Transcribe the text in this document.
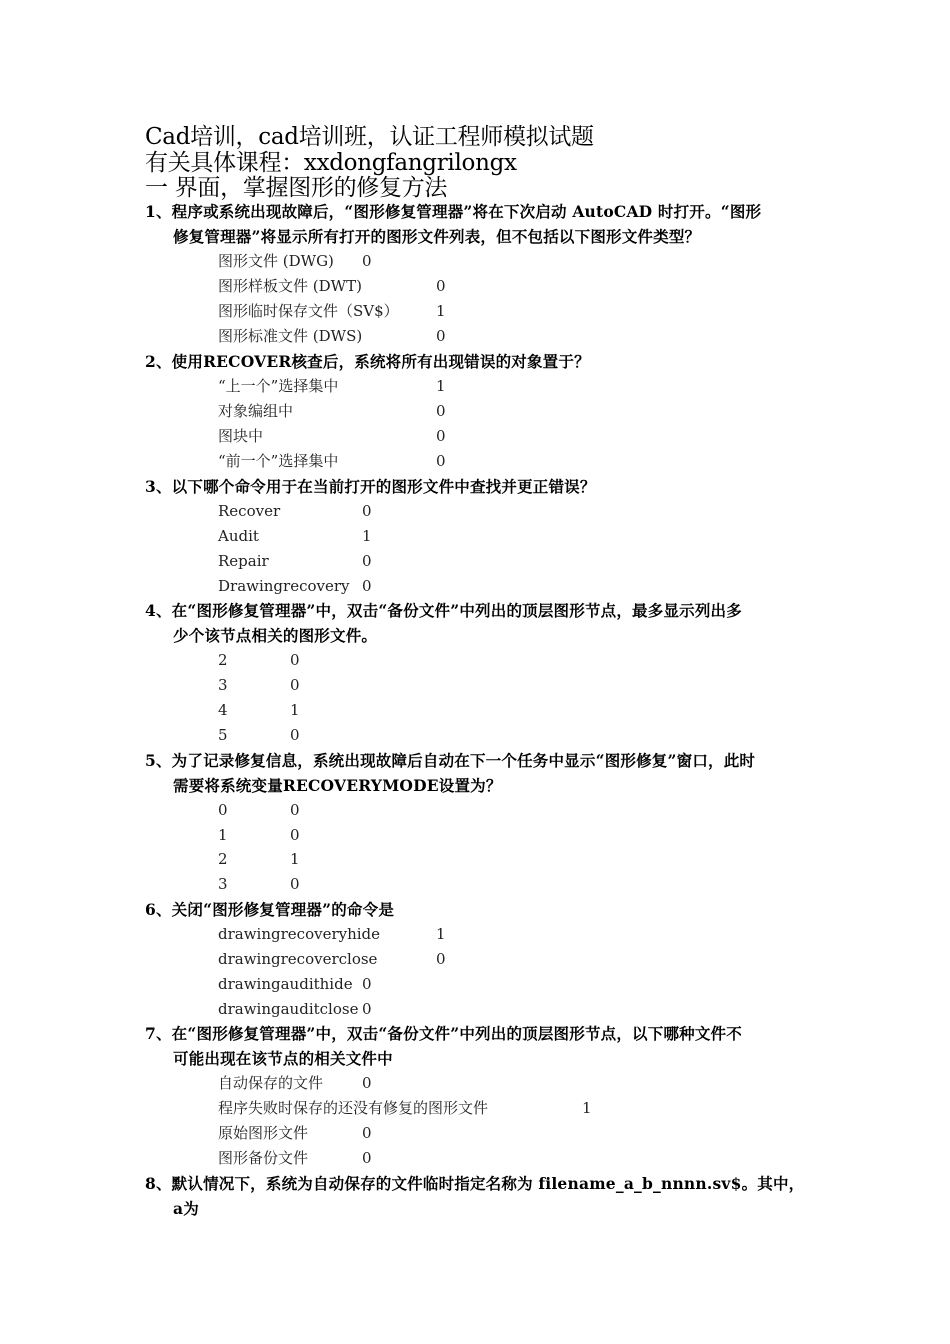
Cad培训，cad培训班，认证工程师模拟试题
有关具体课程：xxdongfangrilongx
一 界面，掌握图形的修复方法
1、程序或系统出现故障后，“图形修复管理器”将在下次启动 AutoCAD 时打开。“图形
修复管理器”将显示所有打开的图形文件列表，但不包括以下图形文件类型？
图形文件 (DWG) 0
图形样板文件 (DWT)	0
图形临时保存文件（SV$） 1
图形标准文件 (DWS)	0
2、使用RECOVER核查后，系统将所有出现错误的对象置于？
“上一个”选择集中	1
对象编组中	0
图块中	0
“前一个”选择集中	0
3、以下哪个命令用于在当前打开的图形文件中查找并更正错误？
Recover	0
Audit	1
Repair	0
Drawingrecovery 0
4、在“图形修复管理器”中，双击“备份文件”中列出的顶层图形节点，最多显示列出多
少个该节点相关的图形文件。
2	0
3	0
4	1
5	0
5、为了记录修复信息，系统出现故障后自动在下一个任务中显示“图形修复”窗口，此时
需要将系统变量RECOVERYMODE设置为？
0	0
1	0
2	1
3	0
6、关闭“图形修复管理器”的命令是
drawingrecoveryhide	1
drawingrecoverclose	0
drawingaudithide 0
drawingauditclose 0
7、在“图形修复管理器”中，双击“备份文件”中列出的顶层图形节点，以下哪种文件不
可能出现在该节点的相关文件中
自动保存的文件	0
程序失败时保存的还没有修复的图形文件	1
原始图形文件	0
图形备份文件	0
8、默认情况下，系统为自动保存的文件临时指定名称为 filename_a_b_nnnn.sv$。其中，
a为
